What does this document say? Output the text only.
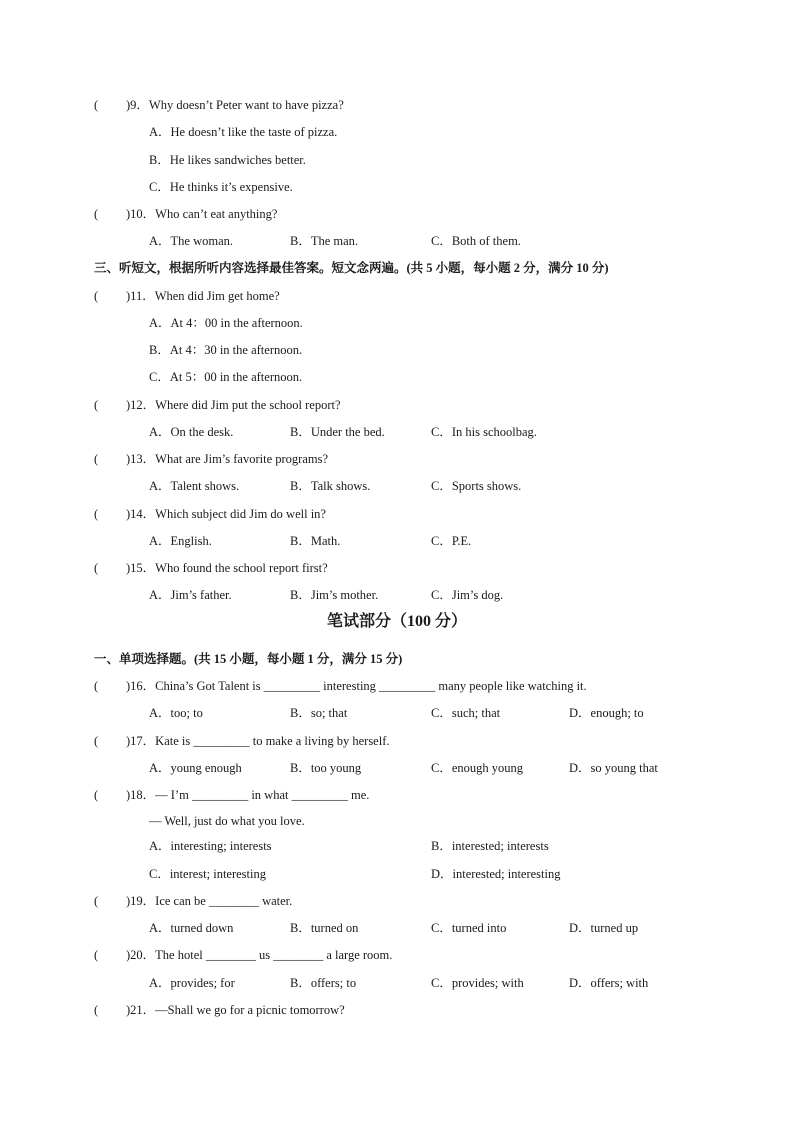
( )9．Why doesn’t Peter want to have pizza?
A．He doesn’t like the taste of pizza.
B．He likes sandwiches better.
C．He thinks it’s expensive.
( )10．Who can’t eat anything?
A．The woman.	B．The man.	C．Both of them.
三、听短文，根据所听内容选择最佳答案。短文念两遍。(共 5 小题，每小题 2 分，满分 10 分)
( )11．When did Jim get home?
A．At 4：00 in the afternoon.
B．At 4：30 in the afternoon.
C．At 5：00 in the afternoon.
( )12．Where did Jim put the school report?
A．On the desk.	B．Under the bed.	C．In his schoolbag.
( )13．What are Jim’s favorite programs?
A．Talent shows.	B．Talk shows.	C．Sports shows.
( )14．Which subject did Jim do well in?
A．English.	B．Math.	C．P.E.
( )15．Who found the school report first?
A．Jim’s father.	B．Jim’s mother.	C．Jim’s dog.
笔试部分（100 分）
一、单项选择题。(共 15 小题，每小题 1 分，满分 15 分)
( )16．China’s Got Talent is _________ interesting _________ many people like watching it.
A．too; to	B．so; that	C．such; that	D．enough; to
( )17．Kate is _________ to make a living by herself.
A．young enough	B．too young	C．enough young	D．so young that
( )18．— I’m _________ in what _________ me.
— Well, just do what you love.
A．interesting; interests	B．interested; interests
C．interest; interesting	D．interested; interesting
( )19．Ice can be ________ water.
A．turned down	B．turned on	C．turned into	D．turned up
( )20．The hotel ________ us ________ a large room.
A．provides; for	B．offers; to	C．provides; with	D．offers; with
( )21．—Shall we go for a picnic tomorrow?
